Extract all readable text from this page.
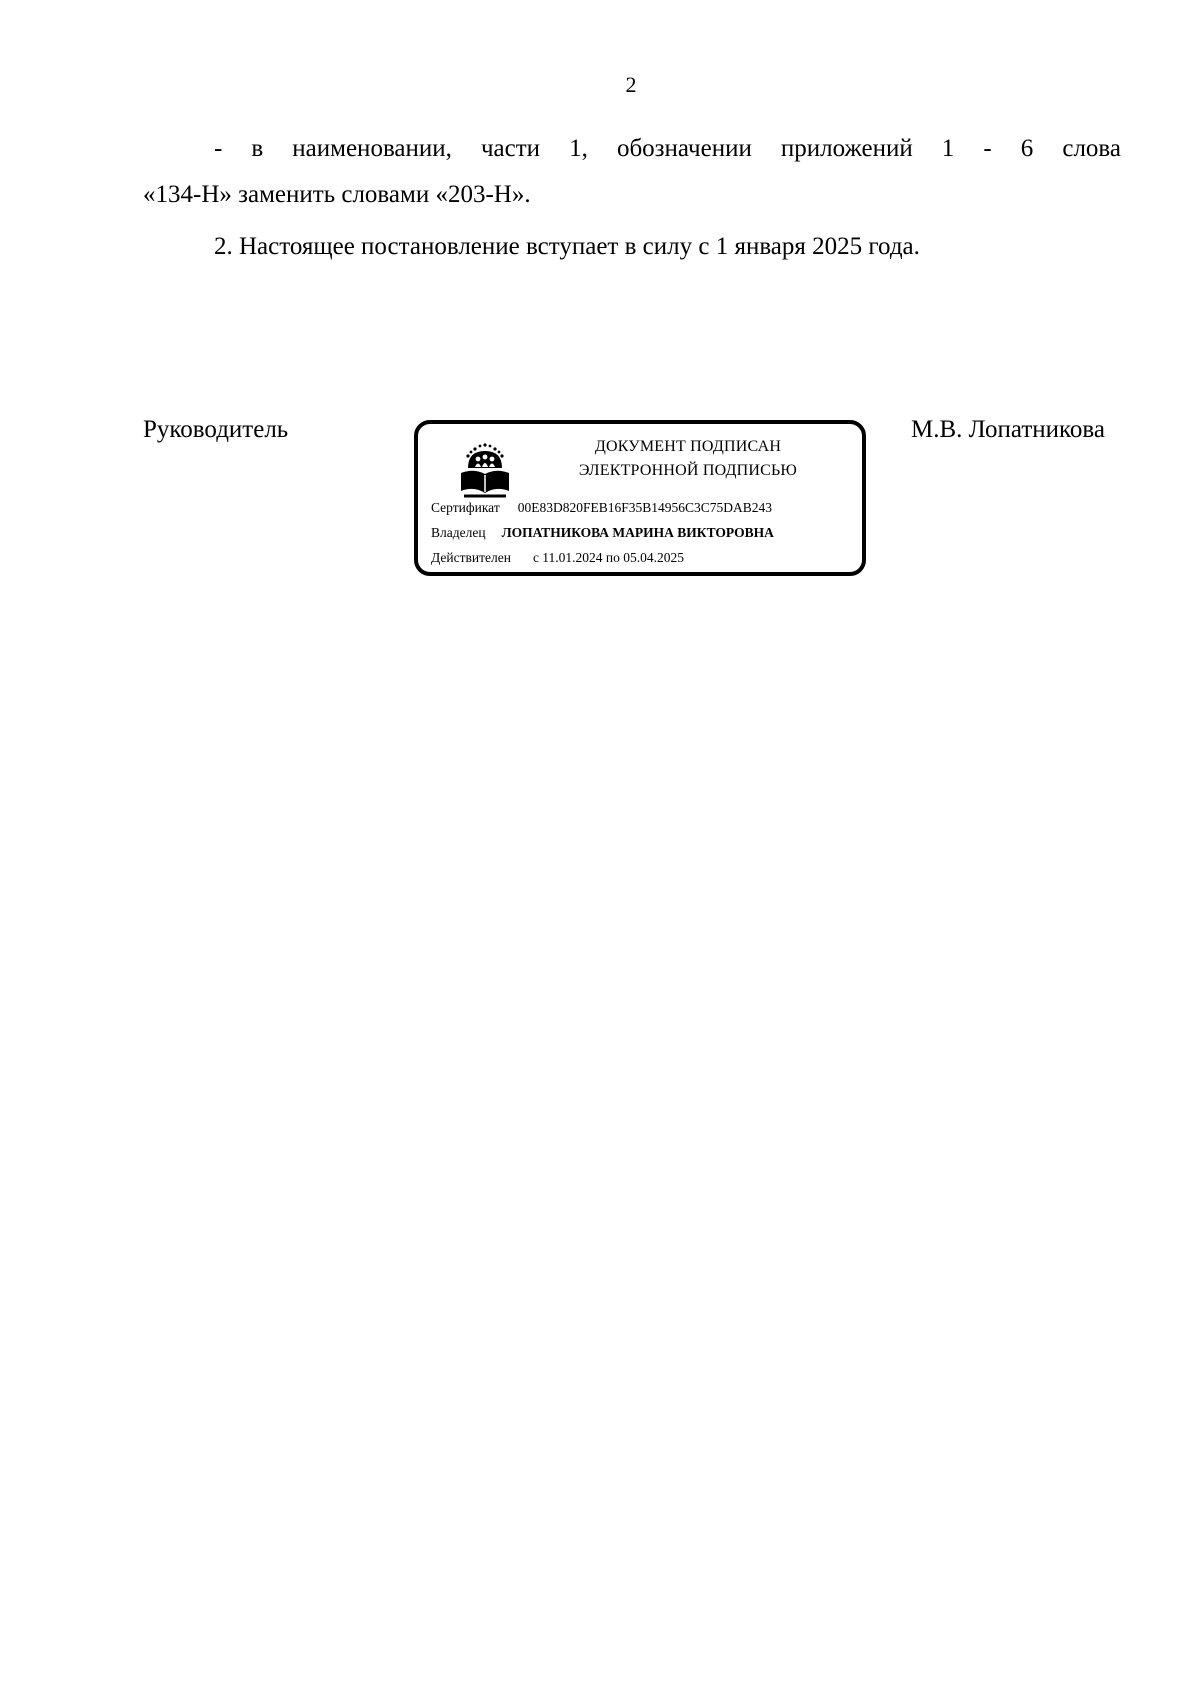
2
- в наименовании, части 1, обозначении приложений 1 - 6 слова
«134-Н» заменить словами «203-Н».
2. Настоящее постановление вступает в силу с 1 января 2025 года.
Руководитель
ДОКУМЕНТ ПОДПИСАН
ЭЛЕКТРОННОЙ ПОДПИСЬЮ
Сертификат 00E83D820FEB16F35B14956C3C75DAB243
Владелец ЛОПАТНИКОВА МАРИНА ВИКТОРОВНА
Действителен с 11.01.2024 по 05.04.2025
М.В. Лопатникова
